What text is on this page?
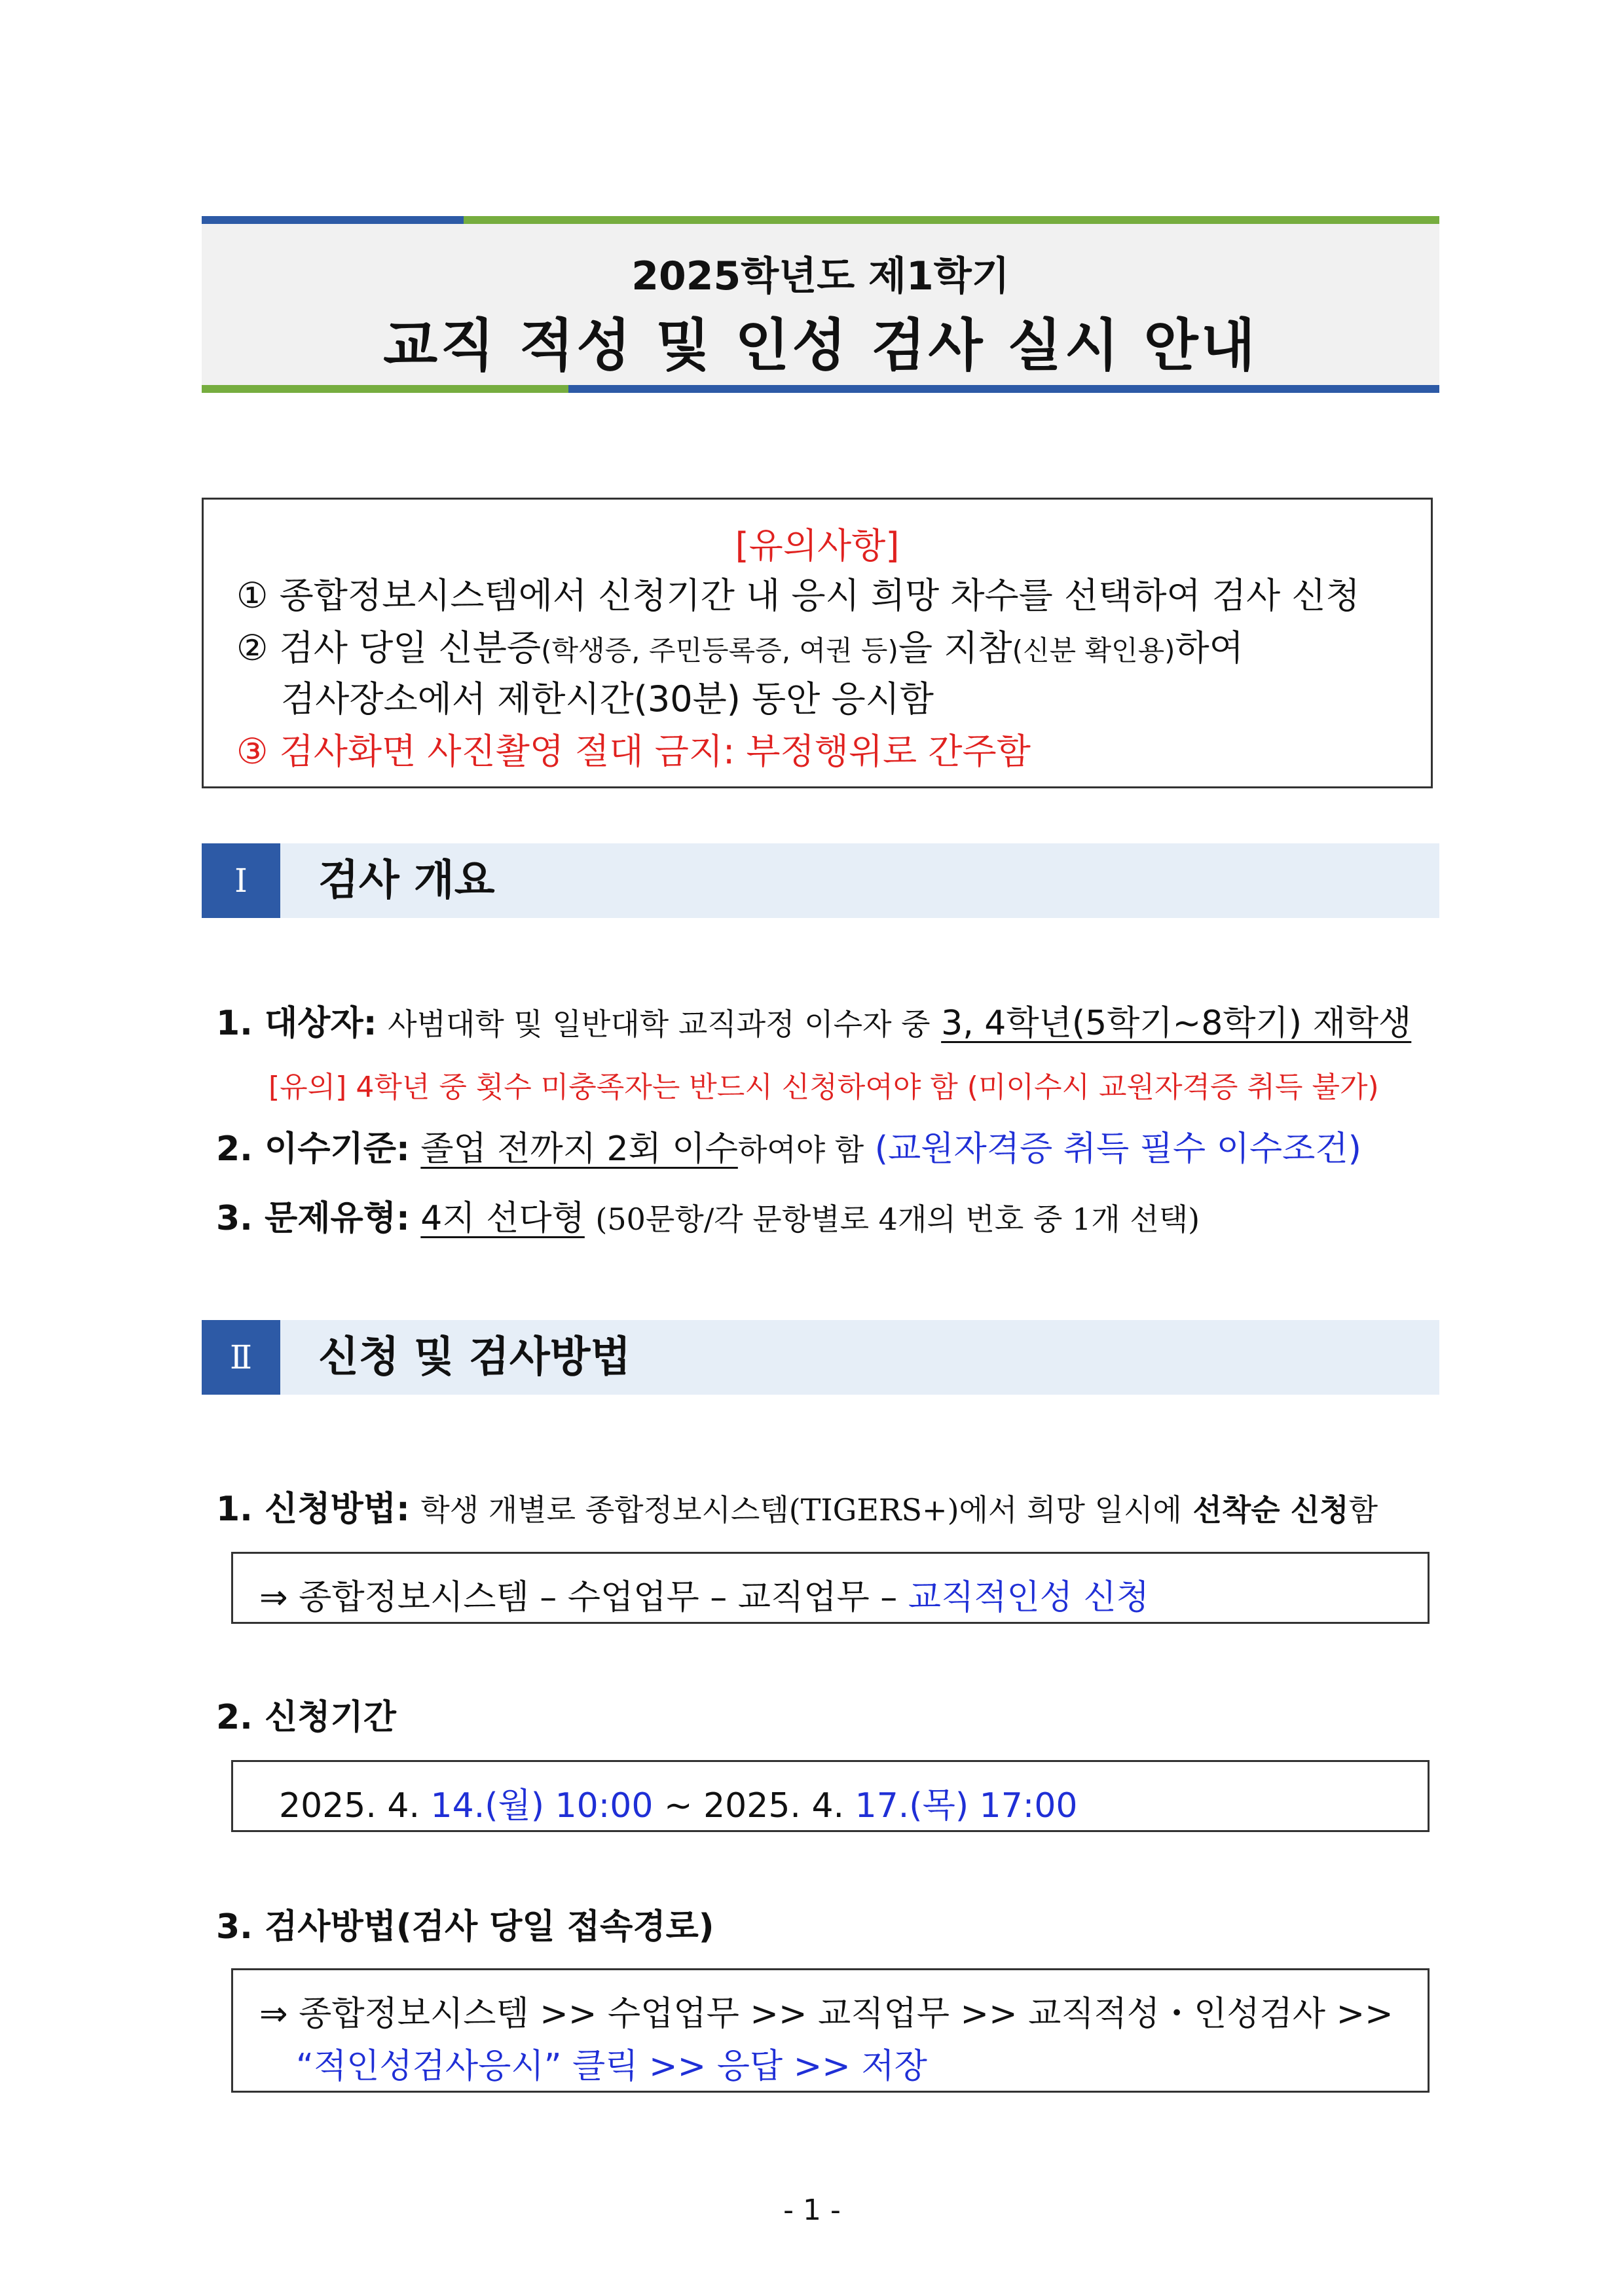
2025학년도 제1학기
교직 적성 및 인성 검사 실시 안내
[유의사항]
① 종합정보시스템에서 신청기간 내 응시 희망 차수를 선택하여 검사 신청
② 검사 당일 신분증(학생증, 주민등록증, 여권 등)을 지참(신분 확인용)하여
검사장소에서 제한시간(30분) 동안 응시함
③ 검사화면 사진촬영 절대 금지: 부정행위로 간주함
Ⅰ	검사 개요
1. 대상자: 사범대학 및 일반대학 교직과정 이수자 중 3, 4학년(5학기~8학기) 재학생
[유의] 4학년 중 횟수 미충족자는 반드시 신청하여야 함 (미이수시 교원자격증 취득 불가)
2. 이수기준: 졸업 전까지 2회 이수하여야 함 (교원자격증 취득 필수 이수조건)
3. 문제유형: 4지 선다형 (50문항/각 문항별로 4개의 번호 중 1개 선택)
Ⅱ	신청 및 검사방법
1. 신청방법: 학생 개별로 종합정보시스템(TIGERS+)에서 희망 일시에 선착순 신청함
⇒ 종합정보시스템 – 수업업무 – 교직업무 – 교직적인성 신청
2. 신청기간
2025. 4. 14.(월) 10:00 ~ 2025. 4. 17.(목) 17:00
3. 검사방법(검사 당일 접속경로)
⇒ 종합정보시스템 >> 수업업무 >> 교직업무 >> 교직적성・인성검사 >>
“적인성검사응시” 클릭 >> 응답 >> 저장
- 1 -
